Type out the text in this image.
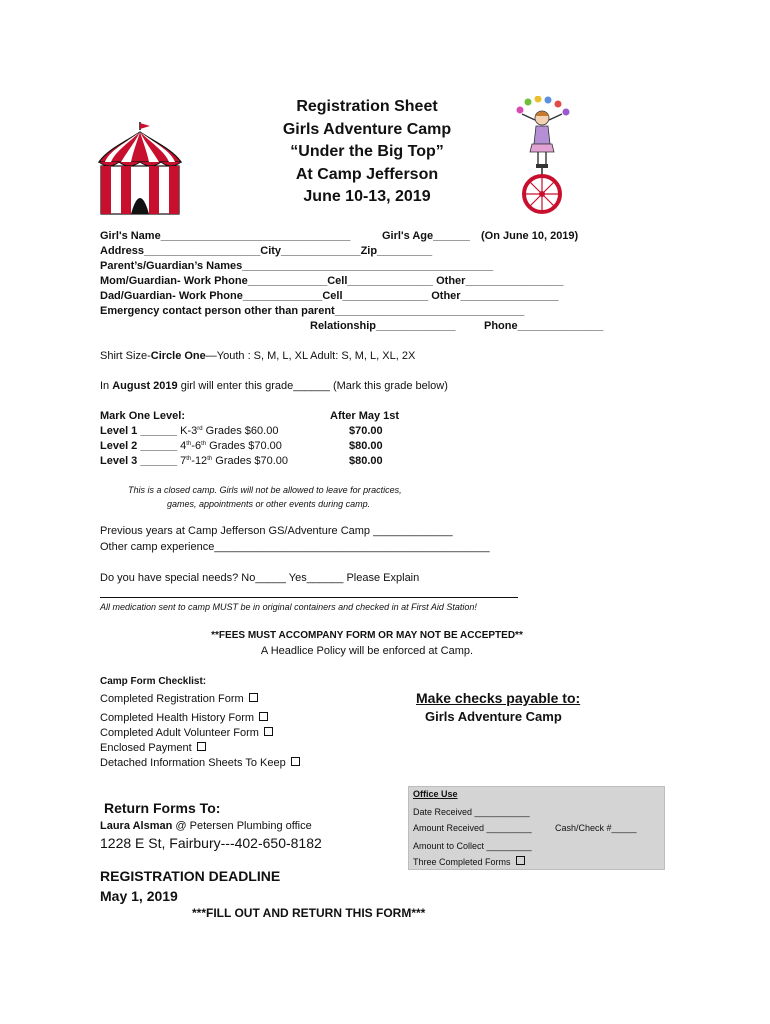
Registration Sheet
Girls Adventure Camp
“Under the Big Top”
At Camp Jefferson
June 10-13, 2019
Girl's Name_______________________________	Girl's Age______ (On June 10, 2019)
Address___________________City_____________Zip_________
Parent’s/Guardian’s Names_________________________________________
Mom/Guardian- Work Phone_____________Cell______________ Other________________
Dad/Guardian- Work Phone_____________Cell______________ Other________________
Emergency contact person other than parent_______________________________
Relationship_____________	Phone______________
Shirt Size-Circle One—Youth : S, M, L, XL Adult: S, M, L, XL, 2X
In August 2019 girl will enter this grade______ (Mark this grade below)
Mark One Level:	After May 1st
Level 1 ______ K-3rd Grades $60.00	$70.00
Level 2 ______ 4th-6th Grades $70.00	$80.00
Level 3 ______ 7th-12th Grades $70.00	$80.00
This is a closed camp. Girls will not be allowed to leave for practices,
games, appointments or other events during camp.
Previous years at Camp Jefferson GS/Adventure Camp _____________
Other camp experience_____________________________________________
Do you have special needs? No_____ Yes______ Please Explain
All medication sent to camp MUST be in original containers and checked in at First Aid Station!
**FEES MUST ACCOMPANY FORM OR MAY NOT BE ACCEPTED**
A Headlice Policy will be enforced at Camp.
Camp Form Checklist:
Completed Registration Form
Completed Health History Form
Completed Adult Volunteer Form
Enclosed Payment
Detached Information Sheets To Keep
Make checks payable to:
Girls Adventure Camp
Office Use
Date Received ___________
Amount Received _________	Cash/Check #_____
Amount to Collect _________
Three Completed Forms
Return Forms To:
Laura Alsman @ Petersen Plumbing office
1228 E St, Fairbury---402-650-8182
REGISTRATION DEADLINE
May 1, 2019
***FILL OUT AND RETURN THIS FORM***
